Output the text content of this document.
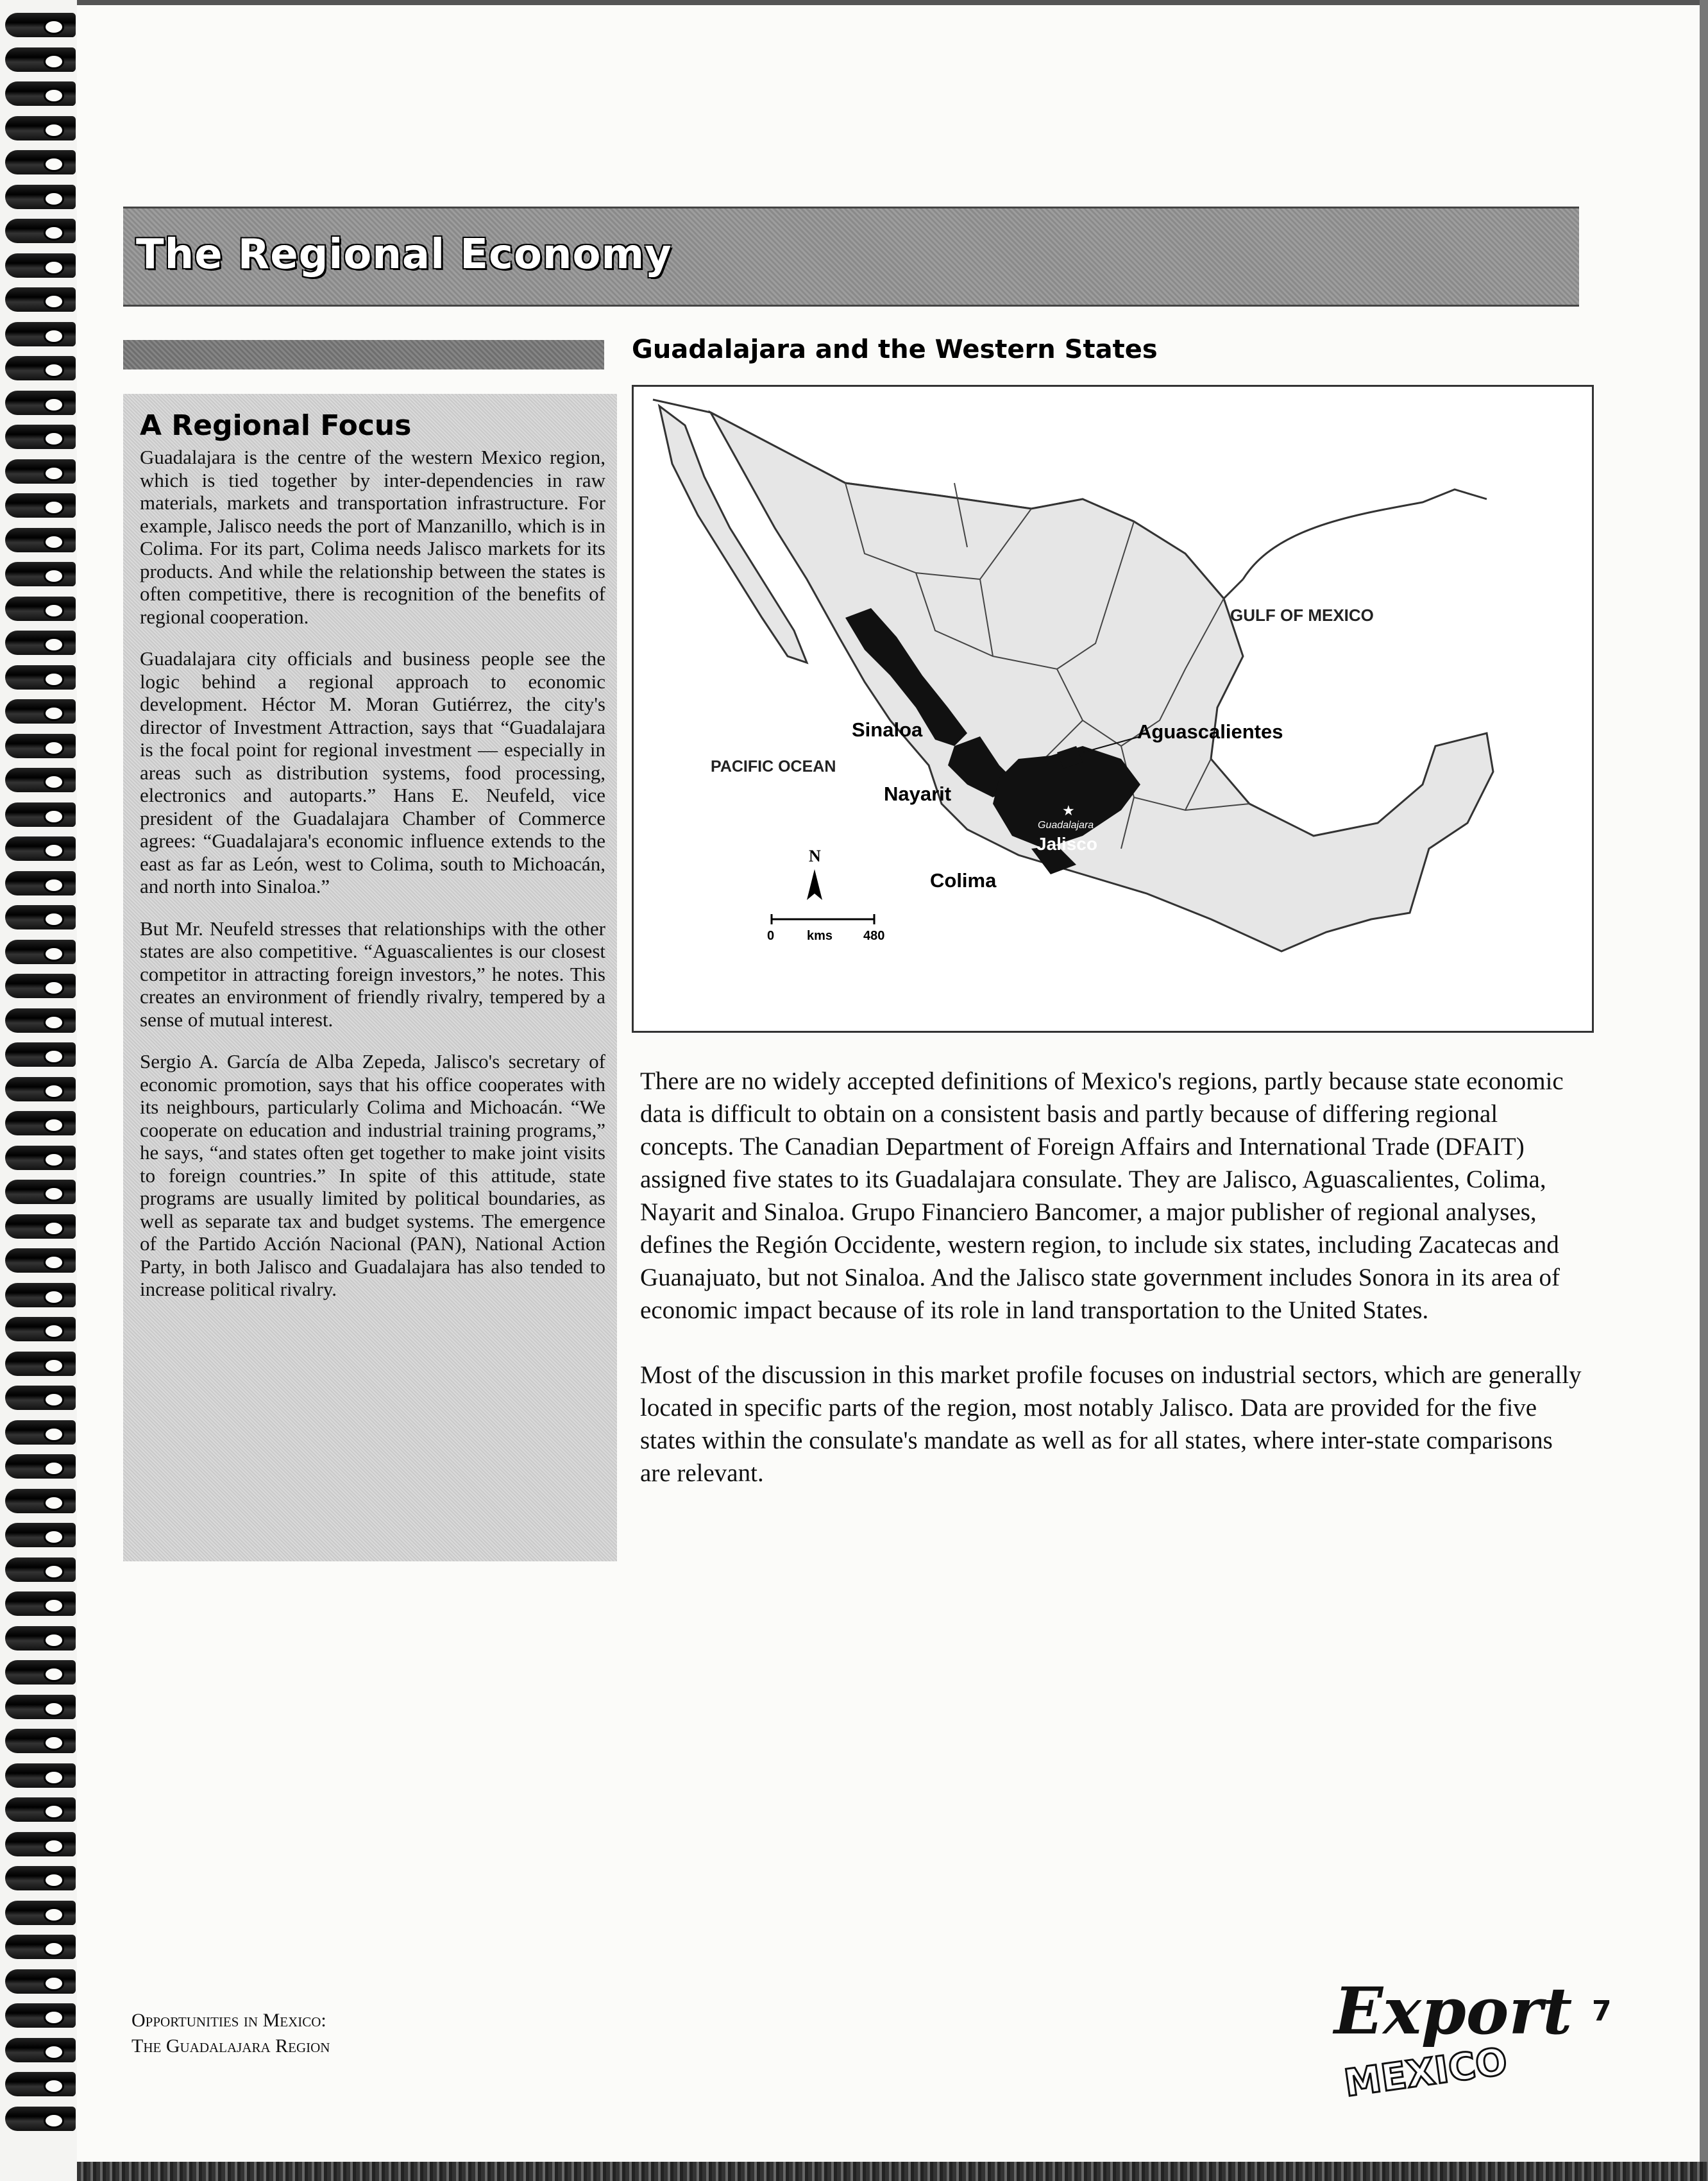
The Regional Economy
A Regional Focus

Guadalajara is the centre of the western Mexico region, which is tied together by inter-dependencies in raw materials, markets and transportation infrastructure. For example, Jalisco needs the port of Manzanillo, which is in Colima. For its part, Colima needs Jalisco markets for its products. And while the relationship between the states is often competitive, there is recognition of the benefits of regional cooperation.

Guadalajara city officials and business people see the logic behind a regional approach to economic development. Héctor M. Moran Gutiérrez, the city's director of Investment Attraction, says that “Guadalajara is the focal point for regional investment — especially in areas such as distribution systems, food processing, electronics and autoparts.” Hans E. Neufeld, vice president of the Guadalajara Chamber of Commerce agrees: “Guadalajara's economic influence extends to the east as far as León, west to Colima, south to Michoacán, and north into Sinaloa.”

But Mr. Neufeld stresses that relationships with the other states are also competitive. “Aguascalientes is our closest competitor in attracting foreign investors,” he notes. This creates an environment of friendly rivalry, tempered by a sense of mutual interest.

Sergio A. García de Alba Zepeda, Jalisco's secretary of economic promotion, says that his office cooperates with its neighbours, particularly Colima and Michoacán. “We cooperate on education and industrial training programs,” he says, “and states often get together to make joint visits to foreign countries.” In spite of this attitude, state programs are usually limited by political boundaries, as well as separate tax and budget systems. The emergence of the Partido Acción Nacional (PAN), National Action Party, in both Jalisco and Guadalajara has also tended to increase political rivalry.

Guadalajara and the Western States
★
GULF OF MEXICO
PACIFIC OCEAN
Sinaloa
Nayarit
Guadalajara
Jalisco
Colima
Aguascalientes
N
0	kms 480

There are no widely accepted definitions of Mexico's regions, partly because state economic data is difficult to obtain on a consistent basis and partly because of differing regional concepts. The Canadian Department of Foreign Affairs and International Trade (DFAIT) assigned five states to its Guadalajara consulate. They are Jalisco, Aguascalientes, Colima, Nayarit and Sinaloa. Grupo Financiero Bancomer, a major publisher of regional analyses, defines the Región Occidente, western region, to include six states, including Zacatecas and Guanajuato, but not Sinaloa. And the Jalisco state government includes Sonora in its area of economic impact because of its role in land transportation to the United States.

Most of the discussion in this market profile focuses on industrial sectors, which are generally located in specific parts of the region, most notably Jalisco. Data are provided for the five states within the consulate's mandate as well as for all states, where inter-state comparisons are relevant.

Opportunities in Mexico:
The Guadalajara Region	Export
MEXICO
7
